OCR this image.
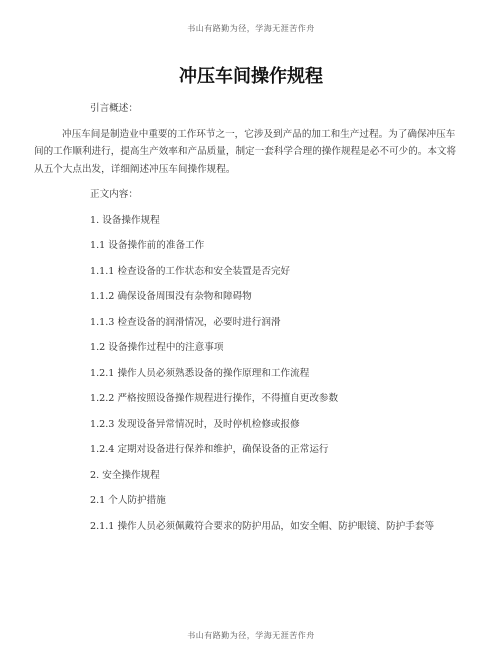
书山有路勤为径，学海无涯苦作舟
冲压车间操作规程

引言概述：

冲压车间是制造业中重要的工作环节之一，它涉及到产品的加工和生产过程。为了确保冲压车间的工作顺利进行，提高生产效率和产品质量，制定一套科学合理的操作规程是必不可少的。本文将从五个大点出发，详细阐述冲压车间操作规程。

正文内容：

1. 设备操作规程

1.1 设备操作前的准备工作

1.1.1 检查设备的工作状态和安全装置是否完好

1.1.2 确保设备周围没有杂物和障碍物

1.1.3 检查设备的润滑情况，必要时进行润滑

1.2 设备操作过程中的注意事项

1.2.1 操作人员必须熟悉设备的操作原理和工作流程

1.2.2 严格按照设备操作规程进行操作，不得擅自更改参数

1.2.3 发现设备异常情况时，及时停机检修或报修

1.2.4 定期对设备进行保养和维护，确保设备的正常运行

2. 安全操作规程

2.1 个人防护措施

2.1.1 操作人员必须佩戴符合要求的防护用品，如安全帽、防护眼镜、防护手套等

书山有路勤为径，学海无涯苦作舟
